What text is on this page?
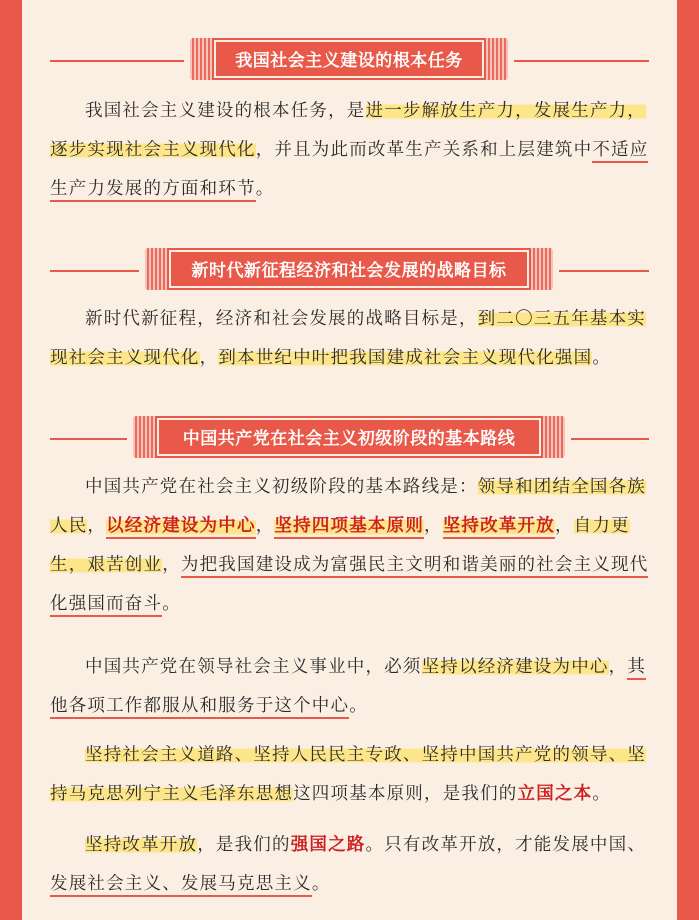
我国社会主义建设的根本任务

我国社会主义建设的根本任务，是进一步解放生产力，发展生产力，逐步实现社会主义现代化，并且为此而改革生产关系和上层建筑中不适应生产力发展的方面和环节。

新时代新征程经济和社会发展的战略目标

新时代新征程，经济和社会发展的战略目标是，到二〇三五年基本实现社会主义现代化，到本世纪中叶把我国建成社会主义现代化强国。

中国共产党在社会主义初级阶段的基本路线

中国共产党在社会主义初级阶段的基本路线是：领导和团结全国各族人民，以经济建设为中心，坚持四项基本原则，坚持改革开放，自力更生，艰苦创业，为把我国建设成为富强民主文明和谐美丽的社会主义现代化强国而奋斗。

中国共产党在领导社会主义事业中，必须坚持以经济建设为中心，其他各项工作都服从和服务于这个中心。

坚持社会主义道路、坚持人民民主专政、坚持中国共产党的领导、坚持马克思列宁主义毛泽东思想这四项基本原则，是我们的立国之本。

坚持改革开放，是我们的强国之路。只有改革开放，才能发展中国、发展社会主义、发展马克思主义。
